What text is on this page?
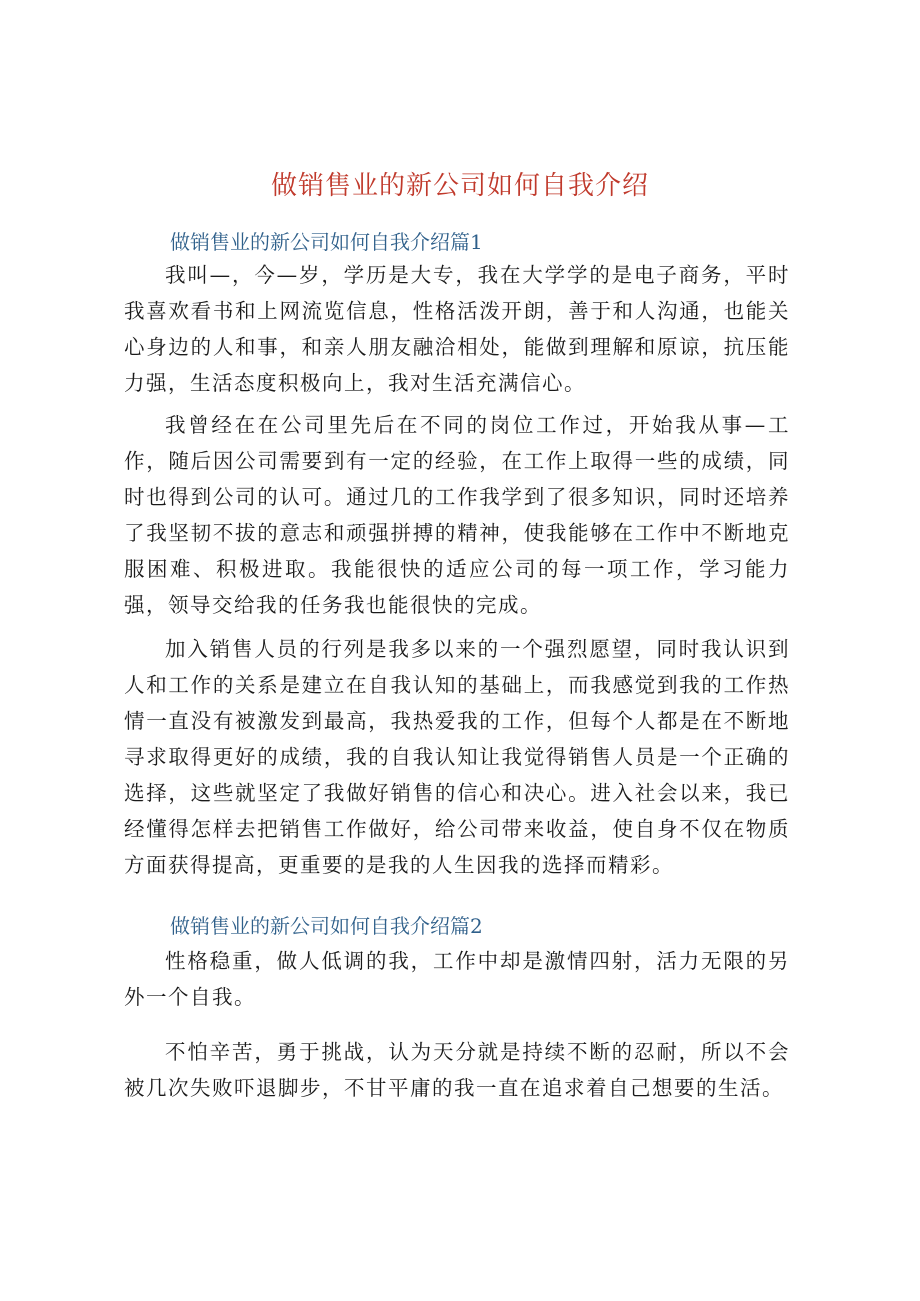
做销售业的新公司如何自我介绍
做销售业的新公司如何自我介绍篇1

我叫—，今—岁，学历是大专，我在大学学的是电子商务，平时我喜欢看书和上网流览信息，性格活泼开朗，善于和人沟通，也能关心身边的人和事，和亲人朋友融洽相处，能做到理解和原谅，抗压能力强，生活态度积极向上，我对生活充满信心。

我曾经在在公司里先后在不同的岗位工作过，开始我从事—工作，随后因公司需要到有一定的经验，在工作上取得一些的成绩，同时也得到公司的认可。通过几的工作我学到了很多知识，同时还培养了我坚韧不拔的意志和顽强拼搏的精神，使我能够在工作中不断地克服困难、积极进取。我能很快的适应公司的每一项工作，学习能力强，领导交给我的任务我也能很快的完成。

加入销售人员的行列是我多以来的一个强烈愿望，同时我认识到人和工作的关系是建立在自我认知的基础上，而我感觉到我的工作热情一直没有被激发到最高，我热爱我的工作，但每个人都是在不断地寻求取得更好的成绩，我的自我认知让我觉得销售人员是一个正确的选择，这些就坚定了我做好销售的信心和决心。进入社会以来，我已经懂得怎样去把销售工作做好，给公司带来收益，使自身不仅在物质方面获得提高，更重要的是我的人生因我的选择而精彩。

做销售业的新公司如何自我介绍篇2

性格稳重，做人低调的我，工作中却是激情四射，活力无限的另外一个自我。

不怕辛苦，勇于挑战，认为天分就是持续不断的忍耐，所以不会被几次失败吓退脚步，不甘平庸的我一直在追求着自己想要的生活。
